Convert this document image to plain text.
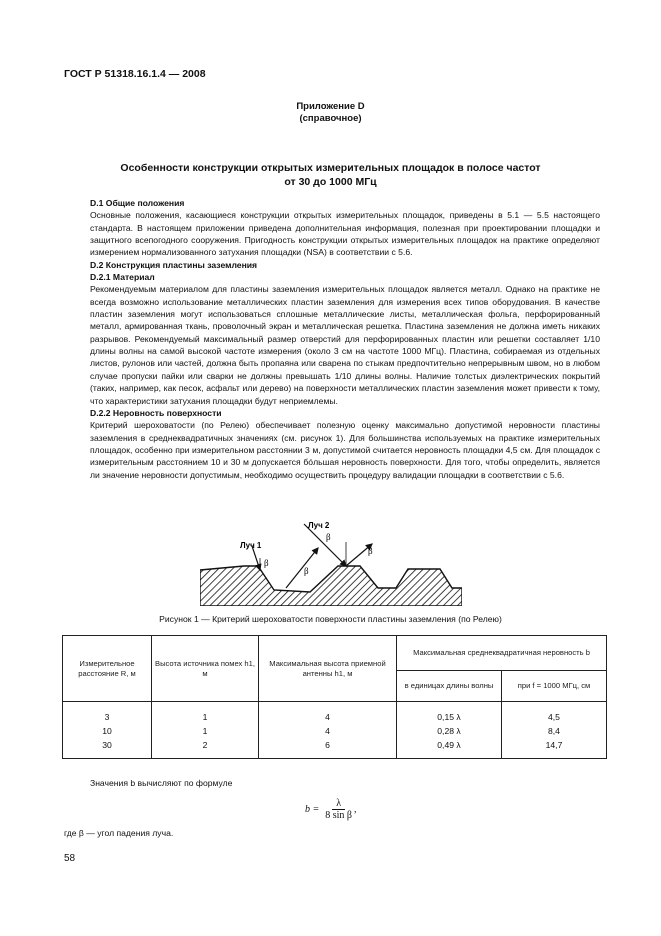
ГОСТ Р 51318.16.1.4 — 2008
Приложение D
(справочное)
Особенности конструкции открытых измерительных площадок в полосе частот
от 30 до 1000 МГц

D.1 Общие положения

Основные положения, касающиеся конструкции открытых измерительных площадок, приведены в 5.1 — 5.5 настоящего стандарта. В настоящем приложении приведена дополнительная информация, полезная при проектировании площадки и защитного всепогодного сооружения. Пригодность конструкции открытых измерительных площадок на практике определяют измерением нормализованного затухания площадки (NSA) в соответствии с 5.6.

D.2 Конструкция пластины заземления

D.2.1 Материал

Рекомендуемым материалом для пластины заземления измерительных площадок является металл. Однако на практике не всегда возможно использование металлических пластин заземления для измерения всех типов оборудования. В качестве пластин заземления могут использоваться сплошные металлические листы, металлическая фольга, перфорированный металл, армированная ткань, проволочный экран и металлическая решетка. Пластина заземления не должна иметь никаких разрывов. Рекомендуемый максимальный размер отверстий для перфорированных пластин или решетки составляет 1/10 длины волны на самой высокой частоте измерения (около 3 см на частоте 1000 МГц). Пластина, собираемая из отдельных листов, рулонов или частей, должна быть пропаяна или сварена по стыкам предпочтительно непрерывным швом, но в любом случае пропуски пайки или сварки не должны превышать 1/10 длины волны. Наличие толстых диэлектрических покрытий (таких, например, как песок, асфальт или дерево) на поверхности металлических пластин заземления может привести к тому, что характеристики затухания площадки будут неприемлемы.

D.2.2 Неровность поверхности

Критерий шероховатости (по Релею) обеспечивает полезную оценку максимально допустимой неровности пластины заземления в среднеквадратичных значениях (см. рисунок 1). Для большинства используемых на практике измерительных площадок, особенно при измерительном расстоянии 3 м, допустимой считается неровность площадки 4,5 см. Для площадок с измерительным расстоянием 10 и 30 м допускается бóльшая неровность поверхности. Для того, чтобы определить, является ли значение неровности допустимым, необходимо осуществить процедуру валидации площадки в соответствии с 5.6.

Луч 1
Луч 2
β
β
β
β
Рисунок 1 — Критерий шероховатости поверхности пластины заземления (по Релею)
Измерительное расстояние R, м	Высота источника помех h1, м	Максимальная высота приемной антенны h1, м	Максимальная среднеквадратичная неровность b	
			в единицах длины волны	при f = 1000 МГц, см
3	1	4	0,15 λ	4,5
10	1	4	0,28 λ	8,4
30	2	6	0,49 λ	14,7
Значения b вычисляют по формуле
$b = \frac{\lambda}{\text{8 sin β}}$ ,
где β — угол падения луча.
58
